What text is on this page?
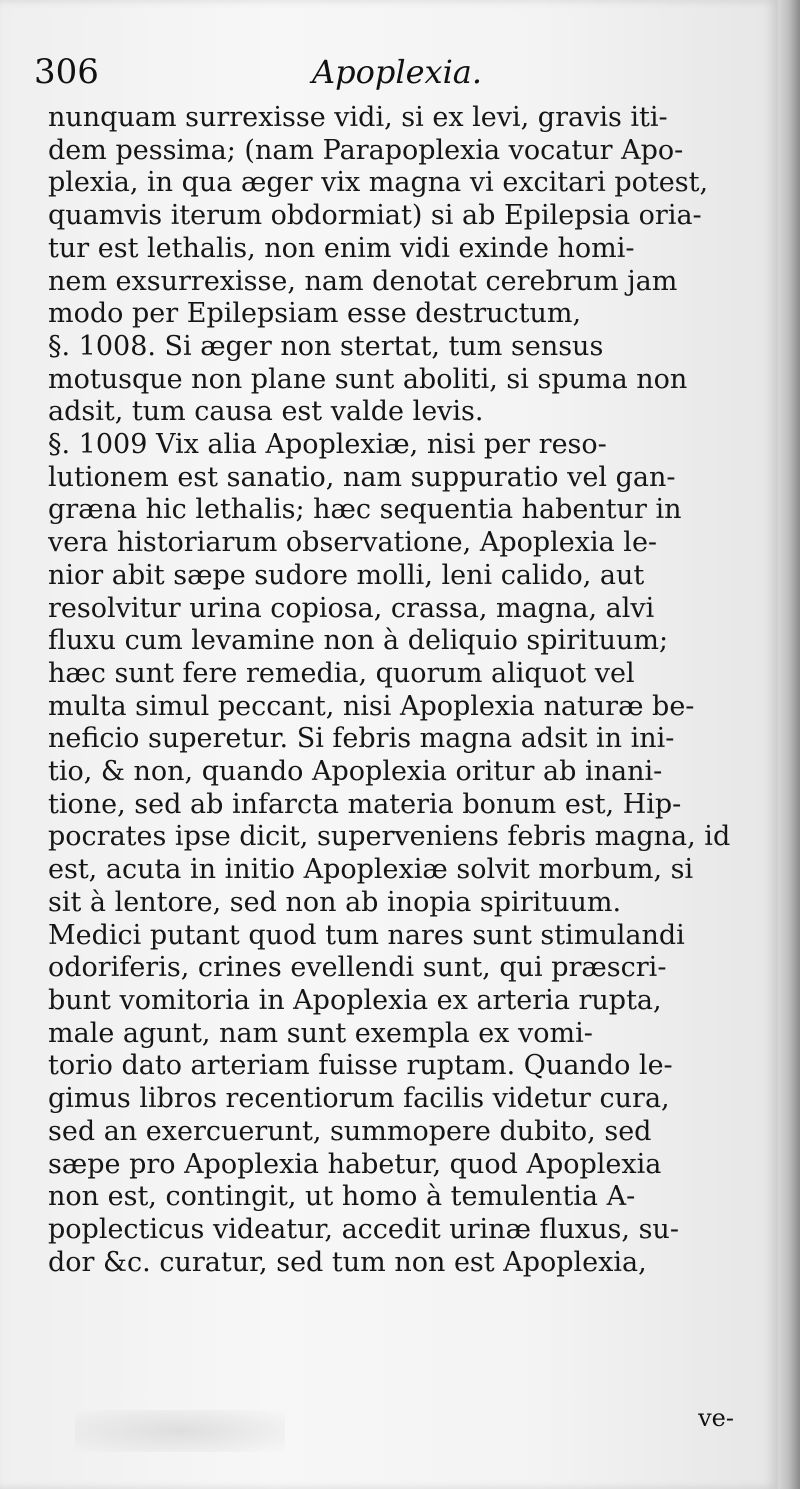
306	Apoplexia.
nunquam surrexisse vidi, si ex levi, gravis iti-
dem pessima; (nam Parapoplexia vocatur Apo-
plexia, in qua æger vix magna vi excitari potest,
quamvis iterum obdormiat) si ab Epilepsia oria-
tur est lethalis, non enim vidi exinde homi-
nem exsurrexisse, nam denotat cerebrum jam
modo per Epilepsiam esse destructum,
§. 1008. Si æger non stertat, tum sensus
motusque non plane sunt aboliti, si spuma non
adsit, tum causa est valde levis.
§. 1009 Vix alia Apoplexiæ, nisi per reso-
lutionem est sanatio, nam suppuratio vel gan-
græna hic lethalis; hæc sequentia habentur in
vera historiarum observatione, Apoplexia le-
nior abit sæpe sudore molli, leni calido, aut
resolvitur urina copiosa, crassa, magna, alvi
fluxu cum levamine non à deliquio spirituum;
hæc sunt fere remedia, quorum aliquot vel
multa simul peccant, nisi Apoplexia naturæ be-
neficio superetur. Si febris magna adsit in ini-
tio, & non, quando Apoplexia oritur ab inani-
tione, sed ab infarcta materia bonum est, Hip-
pocrates ipse dicit, superveniens febris magna, id
est, acuta in initio Apoplexiæ solvit morbum, si
sit à lentore, sed non ab inopia spirituum.
Medici putant quod tum nares sunt stimulandi
odoriferis, crines evellendi sunt, qui præscri-
bunt vomitoria in Apoplexia ex arteria rupta,
male agunt, nam sunt exempla ex vomi-
torio dato arteriam fuisse ruptam. Quando le-
gimus libros recentiorum facilis videtur cura,
sed an exercuerunt, summopere dubito, sed
sæpe pro Apoplexia habetur, quod Apoplexia
non est, contingit, ut homo à temulentia A-
poplecticus videatur, accedit urinæ fluxus, su-
dor &c. curatur, sed tum non est Apoplexia,
ve-
